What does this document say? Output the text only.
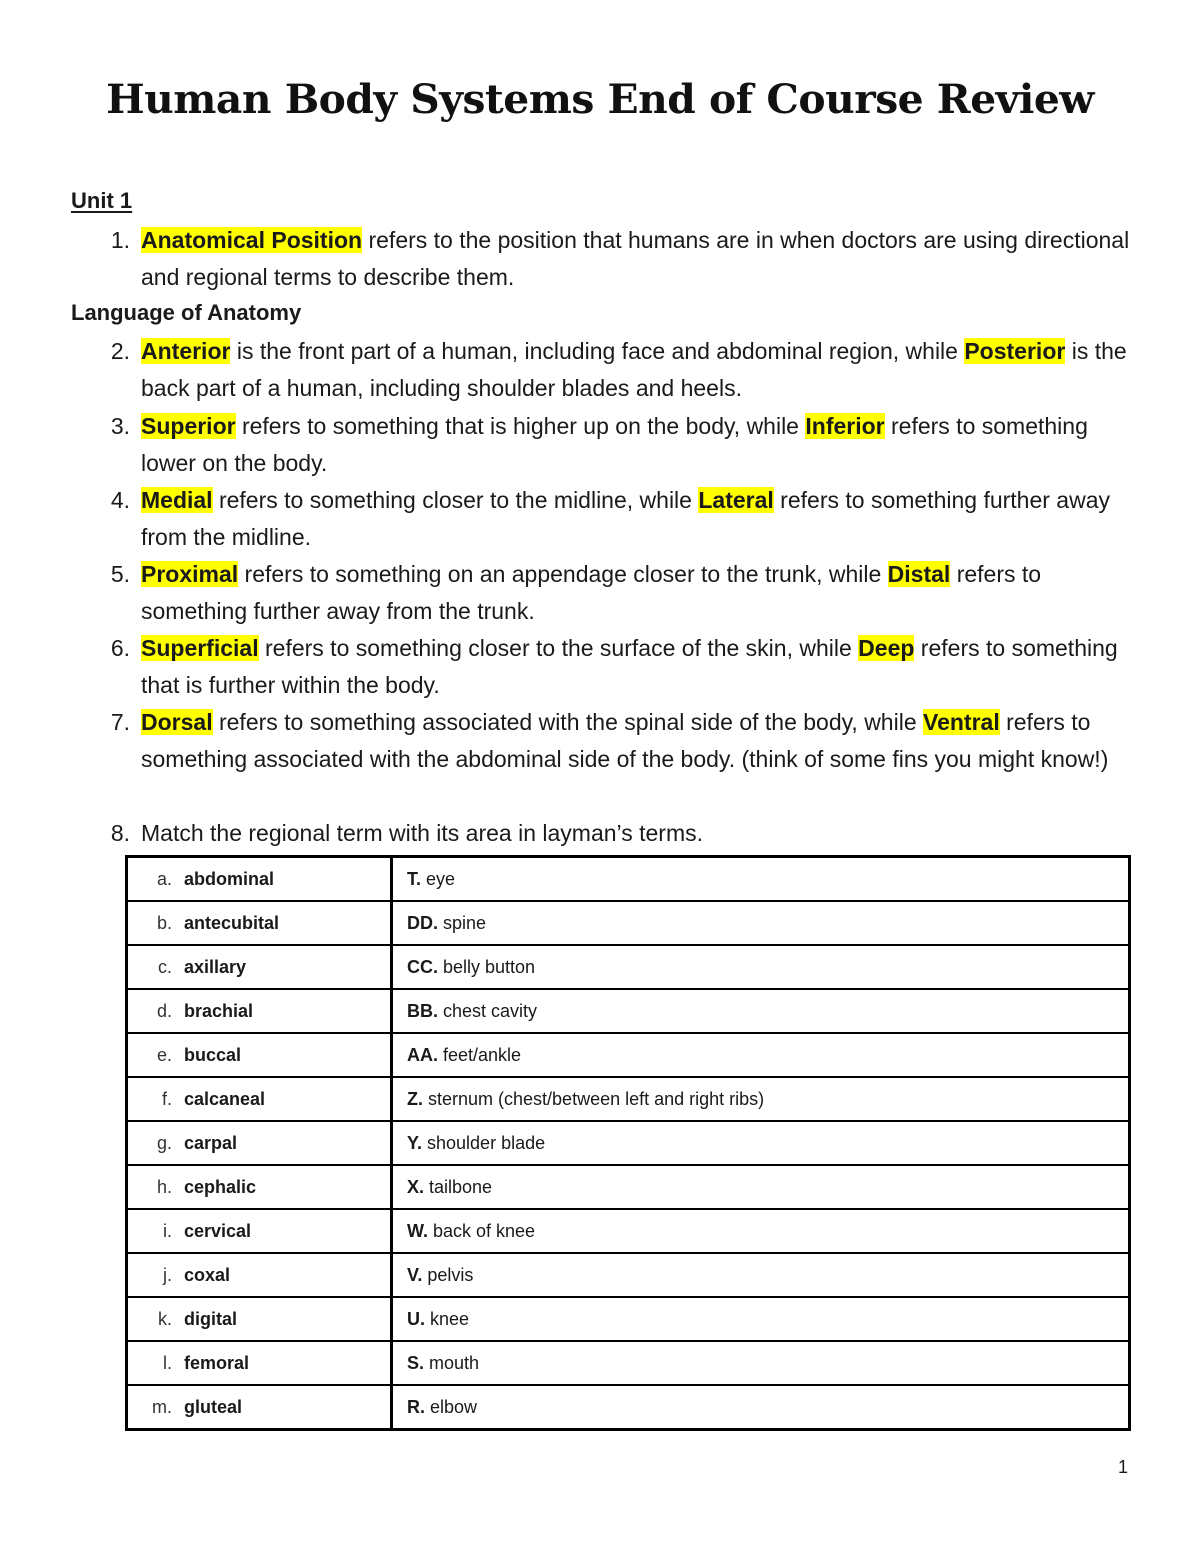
Human Body Systems End of Course Review
Unit 1
1. Anatomical Position refers to the position that humans are in when doctors are using directional and regional terms to describe them.
Language of Anatomy
2. Anterior is the front part of a human, including face and abdominal region, while Posterior is the back part of a human, including shoulder blades and heels.
3. Superior refers to something that is higher up on the body, while Inferior refers to something lower on the body.
4. Medial refers to something closer to the midline, while Lateral refers to something further away from the midline.
5. Proximal refers to something on an appendage closer to the trunk, while Distal refers to something further away from the trunk.
6. Superficial refers to something closer to the surface of the skin, while Deep refers to something that is further within the body.
7. Dorsal refers to something associated with the spinal side of the body, while Ventral refers to something associated with the abdominal side of the body. (think of some fins you might know!)
8. Match the regional term with its area in layman’s terms.
a. abdominal	T. eye
b. antecubital	DD. spine
c. axillary	CC. belly button
d. brachial	BB. chest cavity
e. buccal	AA. feet/ankle
f. calcaneal	Z. sternum (chest/between left and right ribs)
g. carpal	Y. shoulder blade
h. cephalic	X. tailbone
i. cervical	W. back of knee
j. coxal	V. pelvis
k. digital	U. knee
l. femoral	S. mouth
m. gluteal	R. elbow
1
